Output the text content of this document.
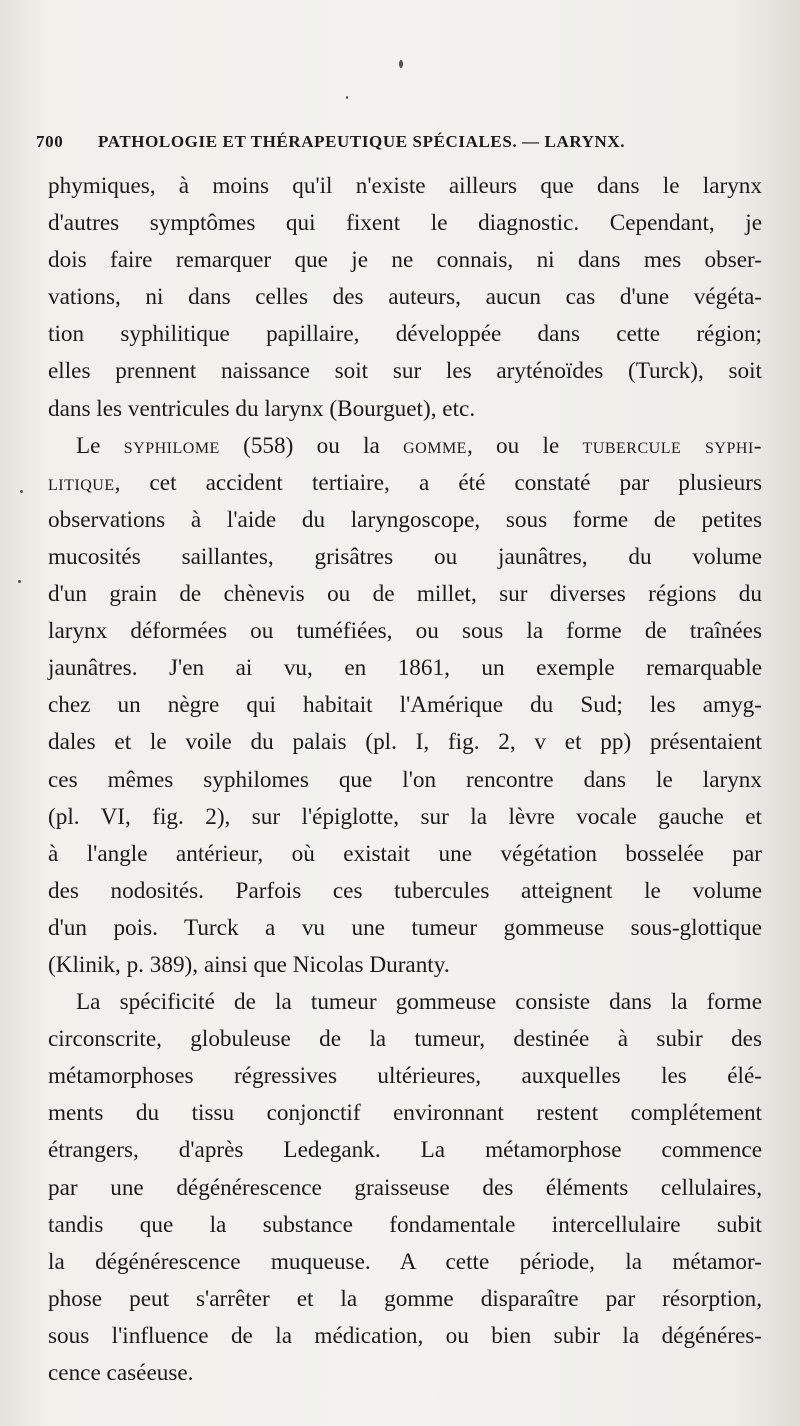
700 PATHOLOGIE ET THÉRAPEUTIQUE SPÉCIALES. — LARYNX.
phymiques, à moins qu'il n'existe ailleurs que dans le larynx
d'autres symptômes qui fixent le diagnostic. Cependant, je
dois faire remarquer que je ne connais, ni dans mes obser-
vations, ni dans celles des auteurs, aucun cas d'une végéta-
tion syphilitique papillaire, développée dans cette région;
elles prennent naissance soit sur les aryténoïdes (Turck), soit
dans les ventricules du larynx (Bourguet), etc.
Le syphilome (558) ou la gomme, ou le tubercule syphi-
litique, cet accident tertiaire, a été constaté par plusieurs
observations à l'aide du laryngoscope, sous forme de petites
mucosités saillantes, grisâtres ou jaunâtres, du volume
d'un grain de chènevis ou de millet, sur diverses régions du
larynx déformées ou tuméfiées, ou sous la forme de traînées
jaunâtres. J'en ai vu, en 1861, un exemple remarquable
chez un nègre qui habitait l'Amérique du Sud; les amyg-
dales et le voile du palais (pl. I, fig. 2, v et pp) présentaient
ces mêmes syphilomes que l'on rencontre dans le larynx
(pl. VI, fig. 2), sur l'épiglotte, sur la lèvre vocale gauche et
à l'angle antérieur, où existait une végétation bosselée par
des nodosités. Parfois ces tubercules atteignent le volume
d'un pois. Turck a vu une tumeur gommeuse sous-glottique
(Klinik, p. 389), ainsi que Nicolas Duranty.
La spécificité de la tumeur gommeuse consiste dans la forme
circonscrite, globuleuse de la tumeur, destinée à subir des
métamorphoses régressives ultérieures, auxquelles les élé-
ments du tissu conjonctif environnant restent complétement
étrangers, d'après Ledegank. La métamorphose commence
par une dégénérescence graisseuse des éléments cellulaires,
tandis que la substance fondamentale intercellulaire subit
la dégénérescence muqueuse. A cette période, la métamor-
phose peut s'arrêter et la gomme disparaître par résorption,
sous l'influence de la médication, ou bien subir la dégénéres-
cence caséeuse.
